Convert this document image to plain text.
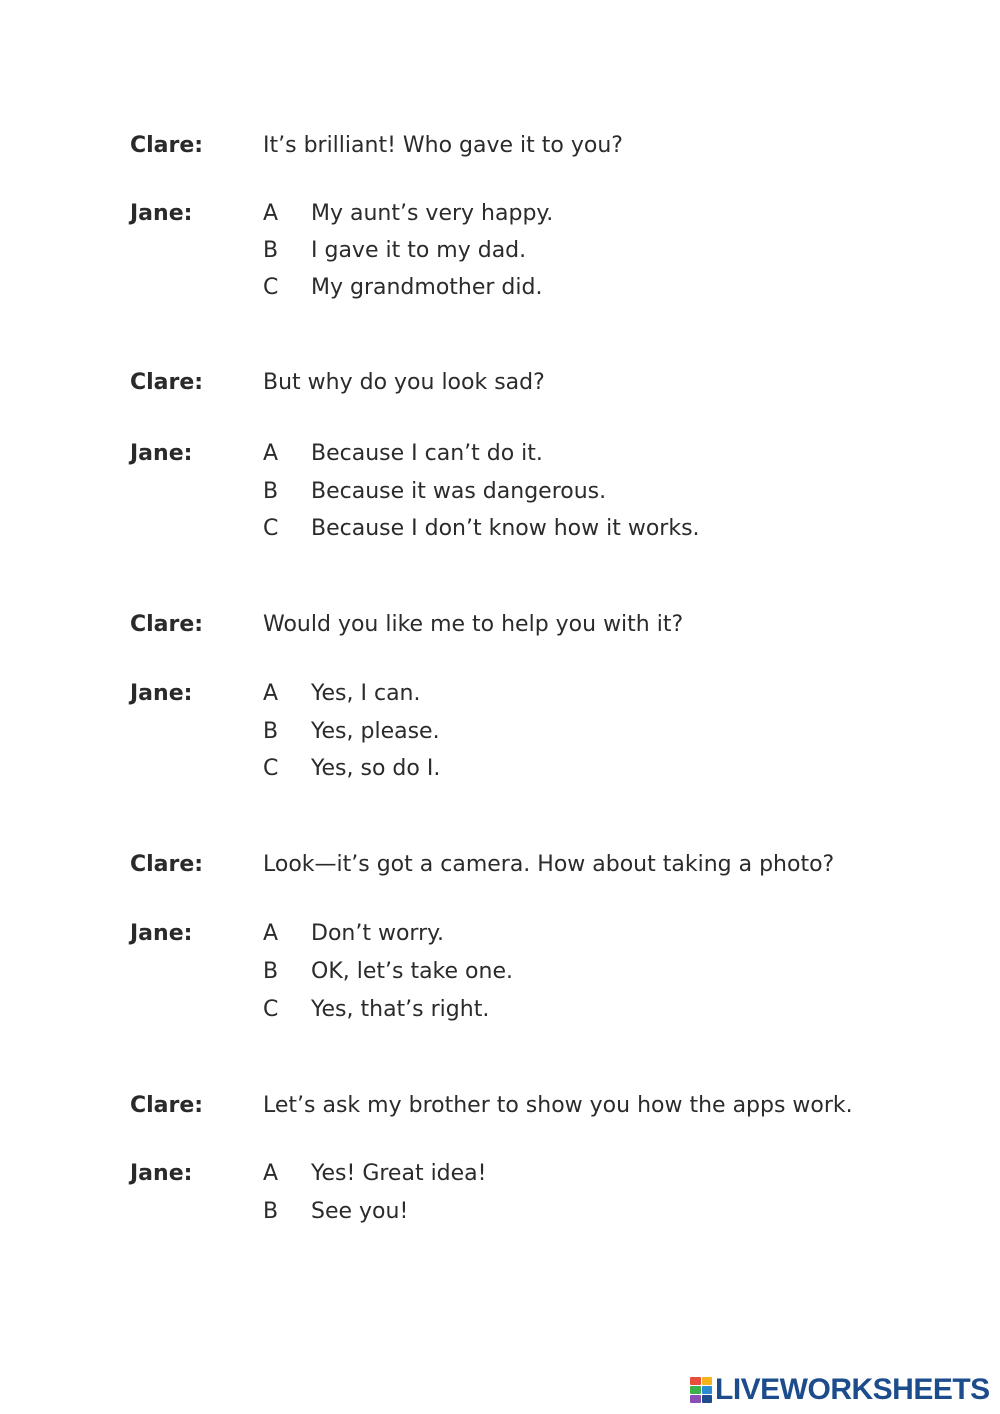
Clare:	It’s brilliant! Who gave it to you?
Jane:	A My aunt’s very happy.
B I gave it to my dad.
C My grandmother did.
Clare:	But why do you look sad?
Jane:	A Because I can’t do it.
B Because it was dangerous.
C Because I don’t know how it works.
Clare:	Would you like me to help you with it?
Jane:	A Yes, I can.
B Yes, please.
C Yes, so do I.
Clare:	Look—it’s got a camera. How about taking a photo?
Jane:	A Don’t worry.
B OK, let’s take one.
C Yes, that’s right.
Clare:	Let’s ask my brother to show you how the apps work.
Jane:	A Yes! Great idea!
B See you!
LIVEWORKSHEETS
